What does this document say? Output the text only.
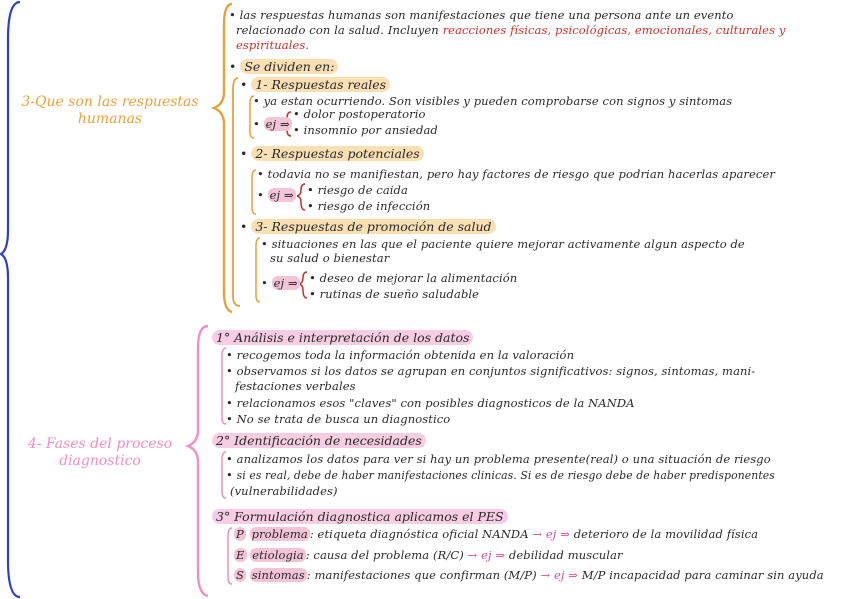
3-Que son las respuestas humanas
• las respuestas humanas son manifestaciones que tiene una persona ante un evento
relacionado con la salud. Incluyen reacciones físicas, psicológicas, emocionales, culturales y
espirituales.
• Se dividen en:
• 1- Respuestas reales
• ya estan ocurriendo. Son visibles y pueden comprobarse con signos y sintomas
• ej ⇒
• dolor postoperatorio
• insomnio por ansiedad
• 2- Respuestas potenciales
• todavia no se manifiestan, pero hay factores de riesgo que podrian hacerlas aparecer
• ej ⇒ • riesgo de caida
• riesgo de infección
• 3- Respuestas de promoción de salud
• situaciones en las que el paciente quiere mejorar activamente algun aspecto de
su salud o bienestar
• ej ⇒ • deseo de mejorar la alimentación
• rutinas de sueño saludable
4- Fases del proceso diagnostico
1° Análisis e interpretación de los datos
• recogemos toda la información obtenida en la valoración
• observamos si los datos se agrupan en conjuntos significativos: signos, sintomas, mani-
festaciones verbales
• relacionamos esos "claves" con posibles diagnosticos de la NANDA
• No se trata de busca un diagnostico
2° Identificación de necesidades
• analizamos los datos para ver si hay un problema presente(real) o una situación de riesgo
• si es real, debe de haber manifestaciones clinicas. Si es de riesgo debe de haber predisponentes
(vulnerabilidades)
3° Formulación diagnostica aplicamos el PES
P problema : etiqueta diagnóstica oficial NANDA → ej ⇒ deterioro de la movilidad física
E etiologia : causa del problema (R/C) → ej ⇒ debilidad muscular
S sintomas : manifestaciones que confirman (M/P) → ej ⇒ M/P incapacidad para caminar sin ayuda
